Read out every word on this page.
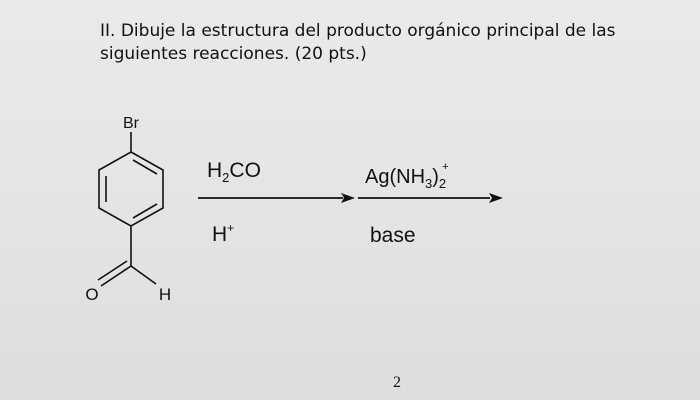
II. Dibuje la estructura del producto orgánico principal de las
siguientes reacciones. (20 pts.)
Br
O	H
$H_2CO$
H+
$Ag(NH_3)_2+$
base
2
